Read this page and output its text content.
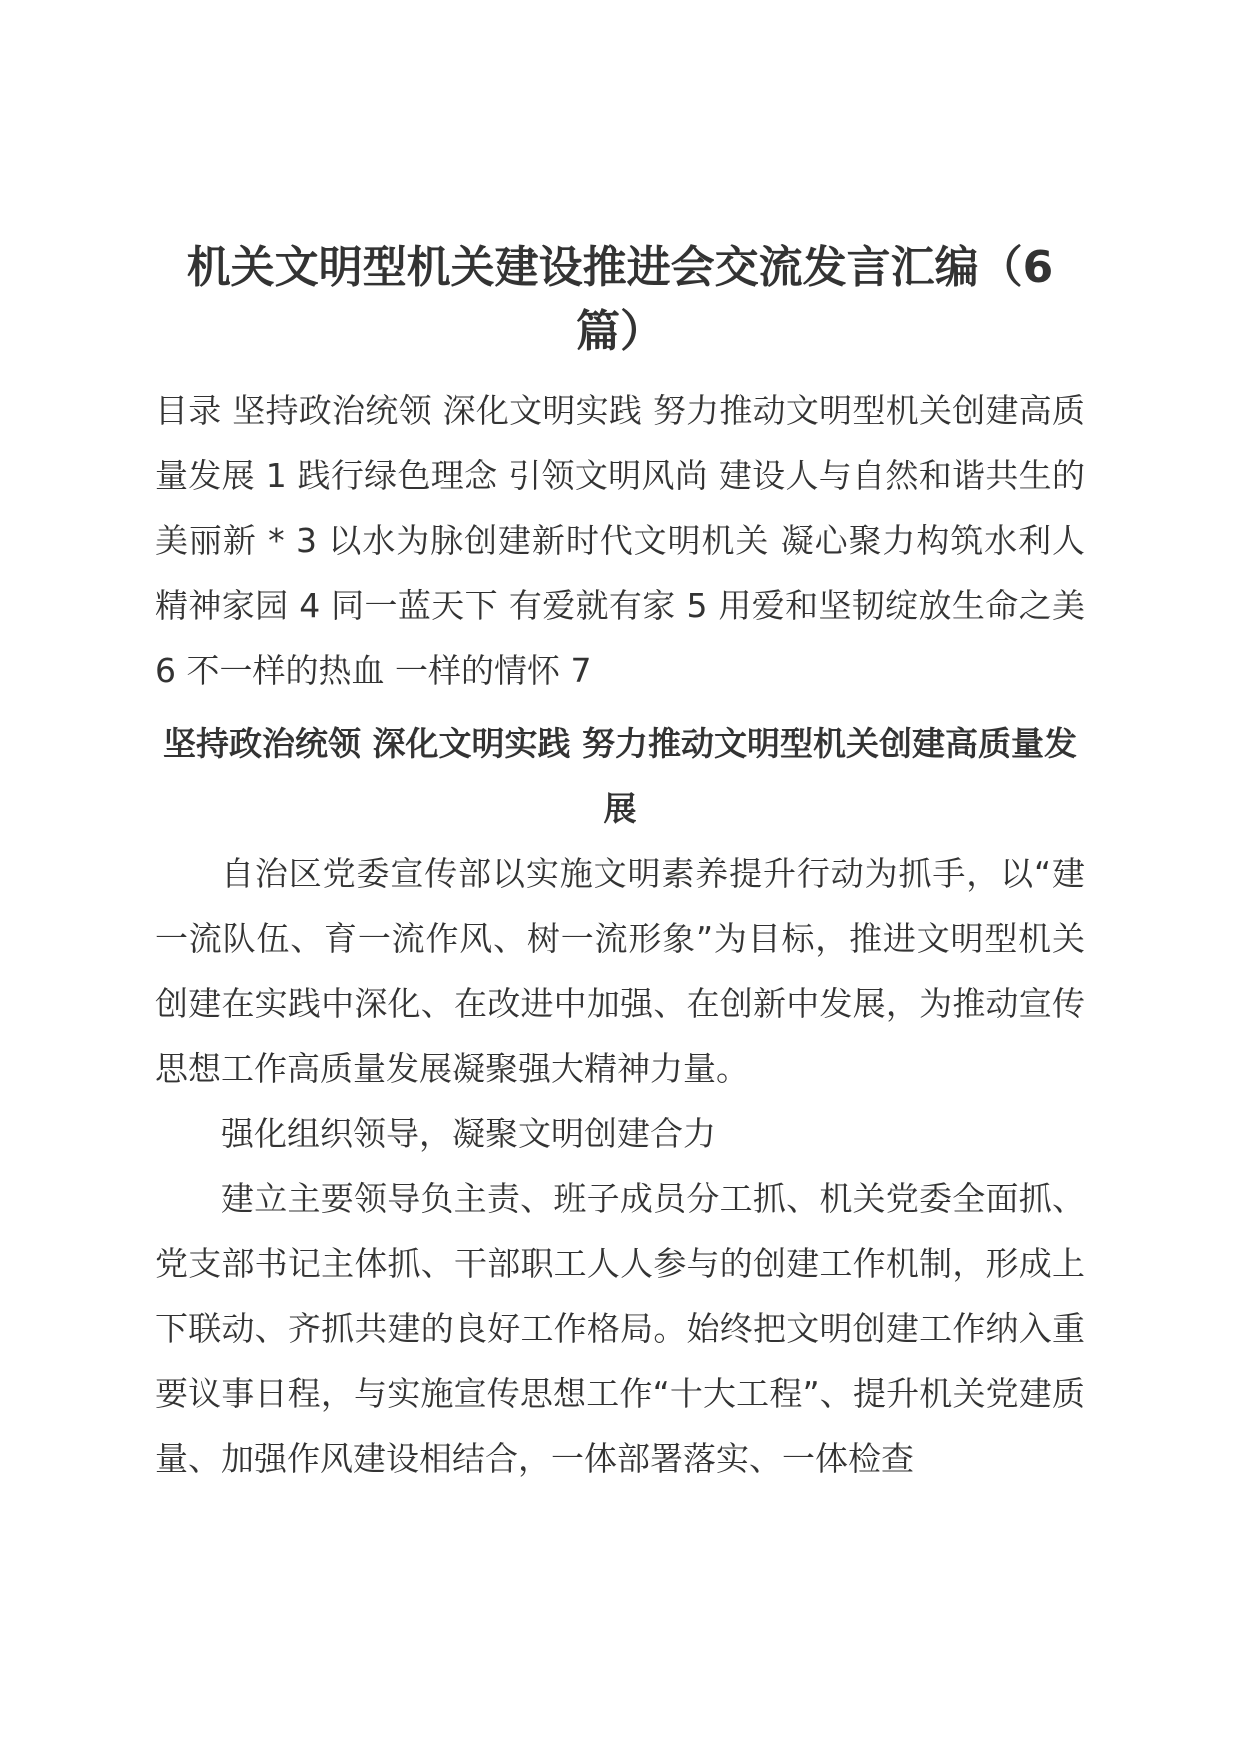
机关文明型机关建设推进会交流发言汇编（6篇）

目录 坚持政治统领 深化文明实践 努力推动文明型机关创建高质量发展 1 践行绿色理念 引领文明风尚 建设人与自然和谐共生的美丽新 * 3 以水为脉创建新时代文明机关 凝心聚力构筑水利人精神家园 4 同一蓝天下 有爱就有家 5 用爱和坚韧绽放生命之美 6 不一样的热血 一样的情怀 7

坚持政治统领 深化文明实践 努力推动文明型机关创建高质量发展

自治区党委宣传部以实施文明素养提升行动为抓手，以“建一流队伍、育一流作风、树一流形象”为目标，推进文明型机关创建在实践中深化、在改进中加强、在创新中发展，为推动宣传思想工作高质量发展凝聚强大精神力量。

强化组织领导，凝聚文明创建合力

建立主要领导负主责、班子成员分工抓、机关党委全面抓、党支部书记主体抓、干部职工人人参与的创建工作机制，形成上下联动、齐抓共建的良好工作格局。始终把文明创建工作纳入重要议事日程，与实施宣传思想工作“十大工程”、提升机关党建质量、加强作风建设相结合，一体部署落实、一体检查
